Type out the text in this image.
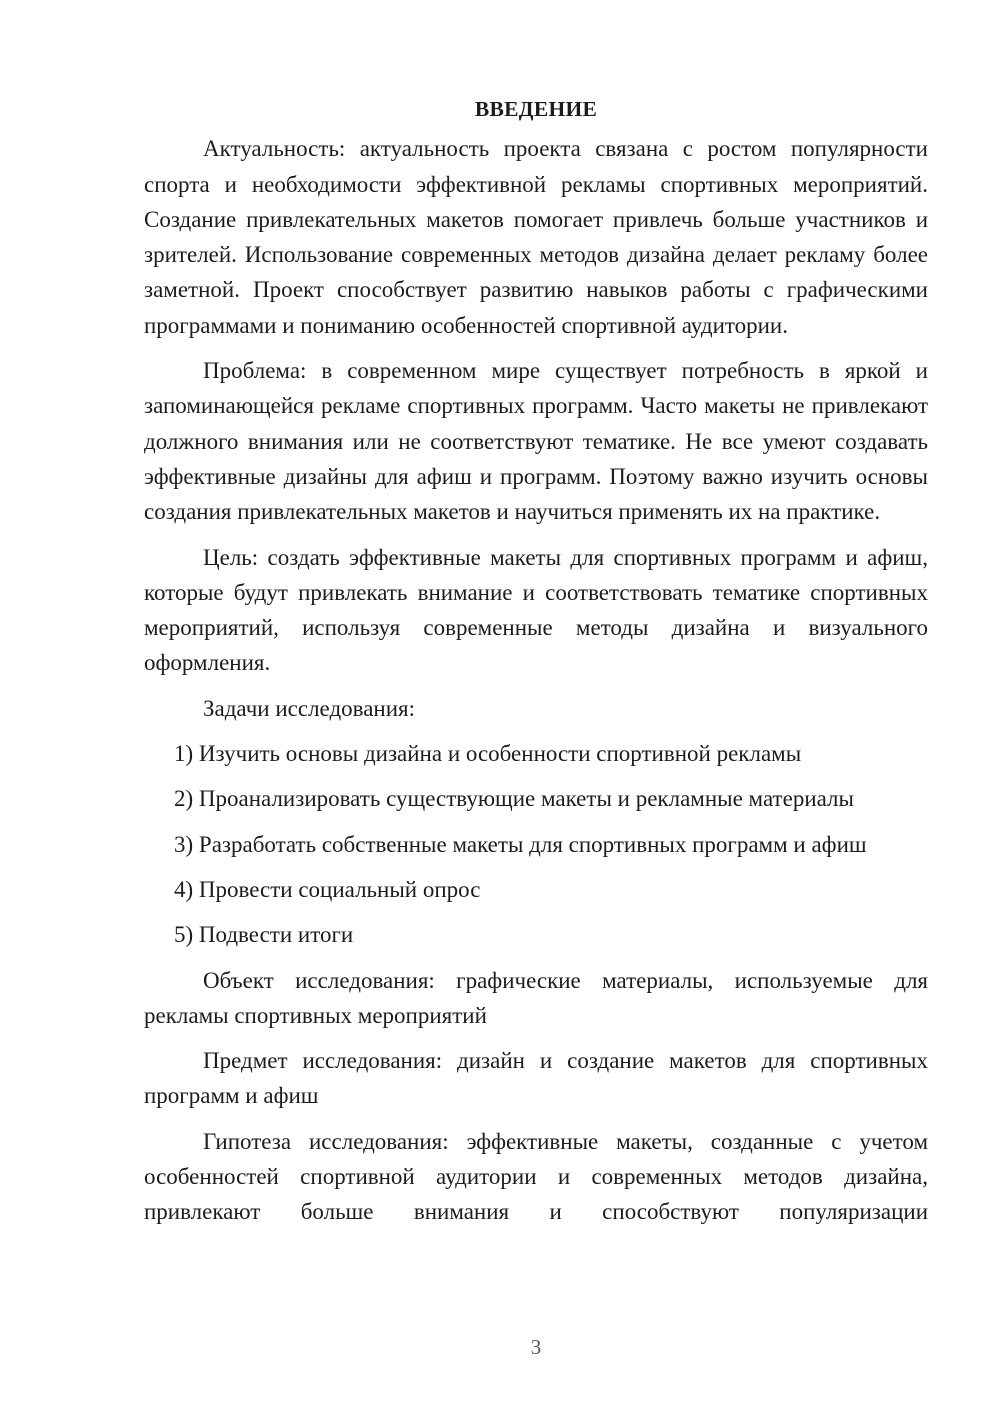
ВВЕДЕНИЕ

Актуальность: актуальность проекта связана с ростом популярности спорта и необходимости эффективной рекламы спортивных мероприятий. Создание привлекательных макетов помогает привлечь больше участников и зрителей. Использование современных методов дизайна делает рекламу более заметной. Проект способствует развитию навыков работы с графическими программами и пониманию особенностей спортивной аудитории.

Проблема: в современном мире существует потребность в яркой и запоминающейся рекламе спортивных программ. Часто макеты не привлекают должного внимания или не соответствуют тематике. Не все умеют создавать эффективные дизайны для афиш и программ. Поэтому важно изучить основы создания привлекательных макетов и научиться применять их на практике.

Цель: создать эффективные макеты для спортивных программ и афиш, которые будут привлекать внимание и соответствовать тематике спортивных мероприятий, используя современные методы дизайна и визуального оформления.

Задачи исследования:

1) Изучить основы дизайна и особенности спортивной рекламы
2) Проанализировать существующие макеты и рекламные материалы
3) Разработать собственные макеты для спортивных программ и афиш
4) Провести социальный опрос
5) Подвести итоги

Объект исследования: графические материалы, используемые для рекламы спортивных мероприятий

Предмет исследования: дизайн и создание макетов для спортивных программ и афиш

Гипотеза исследования: эффективные макеты, созданные с учетом особенностей спортивной аудитории и современных методов дизайна, привлекают больше внимания и способствуют популяризации

3
